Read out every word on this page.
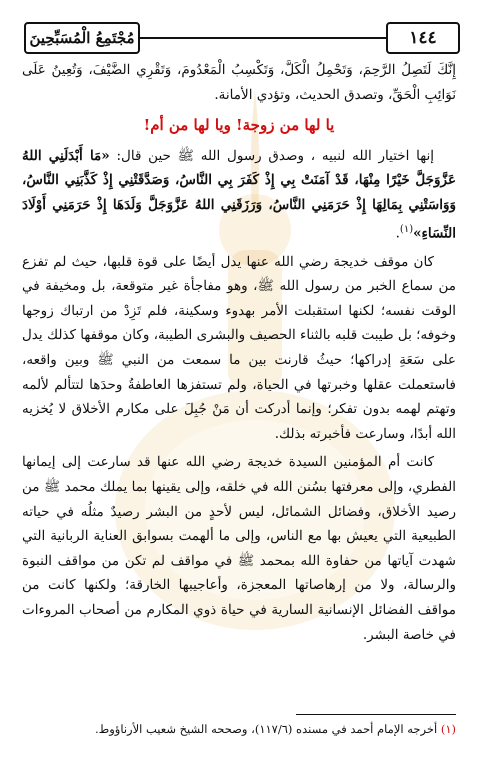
١٤٤
مُجْتَمِعُ الْمُسَبِّحِينَ

إِنَّكَ لَتَصِلُ الرَّحِمَ، وَتَحْمِلُ الْكَلَّ، وَتَكْسِبُ الْمَعْدُومَ، وَتَقْرِي الضَّيْفَ، وَتُعِينُ عَلَى نَوَائِبِ الْحَقِّ، وتصدق الحديث، وتؤدي الأمانة.

يا لها من زوجة! ويا لها من أم!

إنها اختيار الله لنبيه ، وصدق رسول الله ﷺ حين قال: «مَا أَبْدَلَنِي اللهُ عَزَّوَجَلَّ خَيْرًا مِنْهَا، قَدْ آمَنَتْ بِي إِذْ كَفَرَ بِي النَّاسُ، وَصَدَّقَتْنِي إِذْ كَذَّبَنِي النَّاسُ، وَوَاسَتْنِي بِمَالِهَا إِذْ حَرَمَنِي النَّاسُ، وَرَزَقَنِي اللهُ عَزَّوَجَلَّ وَلَدَهَا إِذْ حَرَمَنِي أَوْلَادَ النِّسَاءِ»$^{(١)}$.

كان موقف خديجة رضي الله عنها يدل أيضًا على قوة قلبها، حيث لم تفزع من سماع الخبر من رسول الله ﷺ، وهو مفاجأة غير متوقعة، بل ومخيفة في الوقت نفسه؛ لكنها استقبلت الأمر بهدوء وسكينة، فلم تَزِدْ من ارتباك زوجها وخوفه؛ بل طيبت قلبه بالثناء الحصيف والبشرى الطيبة، وكان موقفها كذلك يدل على سَعَةِ إدراكها؛ حيثُ قارنت بين ما سمعت من النبي ﷺ وبين واقعه، فاستعملت عقلها وخبرتها في الحياة، ولم تستفزها العاطفةُ وحدَها لتتألم لألمه وتهتم لهمه بدون تفكر؛ وإنما أدركت أن مَنْ جُبِلَ على مكارم الأخلاق لا يُخزيه الله أبدًا، وسارعت فأخبرته بذلك.

كانت أم المؤمنين السيدة خديجة رضي الله عنها قد سارعت إلى إيمانها الفطري، وإلى معرفتها بسُنن الله في خلقه، وإلى يقينها بما يملك محمد ﷺ من رصيد الأخلاق، وفضائل الشمائل، ليس لأحدٍ من البشر رصيدٌ مثلُه في حياته الطبيعية التي يعيش بها مع الناس، وإلى ما ألهمت بسوابق العناية الربانية التي شهدت آياتها من حفاوة الله بمحمد ﷺ في مواقف لم تكن من مواقف النبوة والرسالة، ولا من إرهاصاتها المعجزة، وأعاجيبها الخارقة؛ ولكنها كانت من مواقف الفضائل الإنسانية السارية في حياة ذوي المكارم من أصحاب المروءات في خاصة البشر.

(١) أخرجه الإمام أحمد في مسنده (١١٧/٦)، وصححه الشيخ شعيب الأرناؤوط.
